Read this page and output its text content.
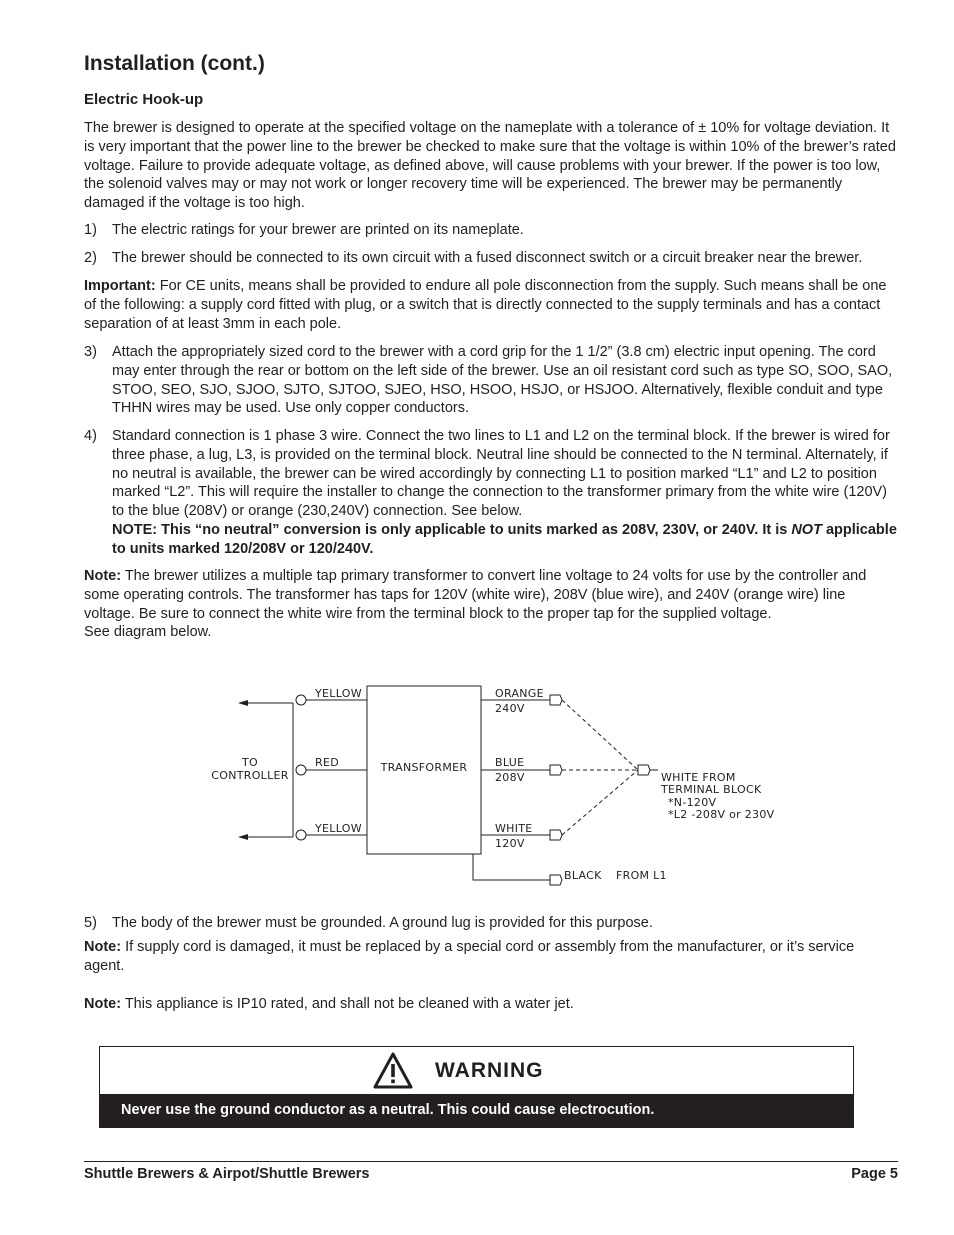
Installation (cont.)
Electric Hook-up
The brewer is designed to operate at the specified voltage on the nameplate with a tolerance of ± 10% for voltage deviation. It is very important that the power line to the brewer be checked to make sure that the voltage is within 10% of the brewer’s rated voltage. Failure to provide adequate voltage, as defined above, will cause problems with your brewer. If the power is too low, the solenoid valves may or may not work or longer recovery time will be experienced. The brewer may be permanently damaged if the voltage is too high.
1) The electric ratings for your brewer are printed on its nameplate.
2) The brewer should be connected to its own circuit with a fused disconnect switch or a circuit breaker near the brewer.
Important: For CE units, means shall be provided to endure all pole disconnection from the supply. Such means shall be one of the following: a supply cord fitted with plug, or a switch that is directly connected to the supply terminals and has a contact separation of at least 3mm in each pole.
3) Attach the appropriately sized cord to the brewer with a cord grip for the 1 1/2” (3.8 cm) electric input opening. The cord may enter through the rear or bottom on the left side of the brewer. Use an oil resistant cord such as type SO, SOO, SAO, STOO, SEO, SJO, SJOO, SJTO, SJTOO, SJEO, HSO, HSOO, HSJO, or HSJOO. Alternatively, flexible conduit and type THHN wires may be used. Use only copper conductors.
4) Standard connection is 1 phase 3 wire. Connect the two lines to L1 and L2 on the terminal block. If the brewer is wired for three phase, a lug, L3, is provided on the terminal block. Neutral line should be connected to the N terminal. Alternately, if no neutral is available, the brewer can be wired accordingly by connecting L1 to position marked “L1” and L2 to position marked “L2”. This will require the installer to change the connection to the transformer primary from the white wire (120V) to the blue (208V) or orange (230,240V) connection. See below.
NOTE: This “no neutral” conversion is only applicable to units marked as 208V, 230V, or 240V. It is NOT applicable to units marked 120/208V or 120/240V.
Note: The brewer utilizes a multiple tap primary transformer to convert line voltage to 24 volts for use by the controller and some operating controls. The transformer has taps for 120V (white wire), 208V (blue wire), and 240V (orange wire) line voltage. Be sure to connect the white wire from the terminal block to the proper tap for the supplied voltage.
See diagram below.
5) The body of the brewer must be grounded. A ground lug is provided for this purpose.
Note: If supply cord is damaged, it must be replaced by a special cord or assembly from the manufacturer, or it’s service agent.
Note: This appliance is IP10 rated, and shall not be cleaned with a water jet.
TO
CONTROLLER
YELLOW
RED
YELLOW
TRANSFORMER
ORANGE
240V
BLUE
208V
WHITE
120V
BLACK FROM L1
WHITE FROM
TERMINAL BLOCK
*N-120V
*L2 -208V or 230V
WARNING
Never use the ground conductor as a neutral. This could cause electrocution.
Shuttle Brewers & Airpot/Shuttle Brewers	Page 5
